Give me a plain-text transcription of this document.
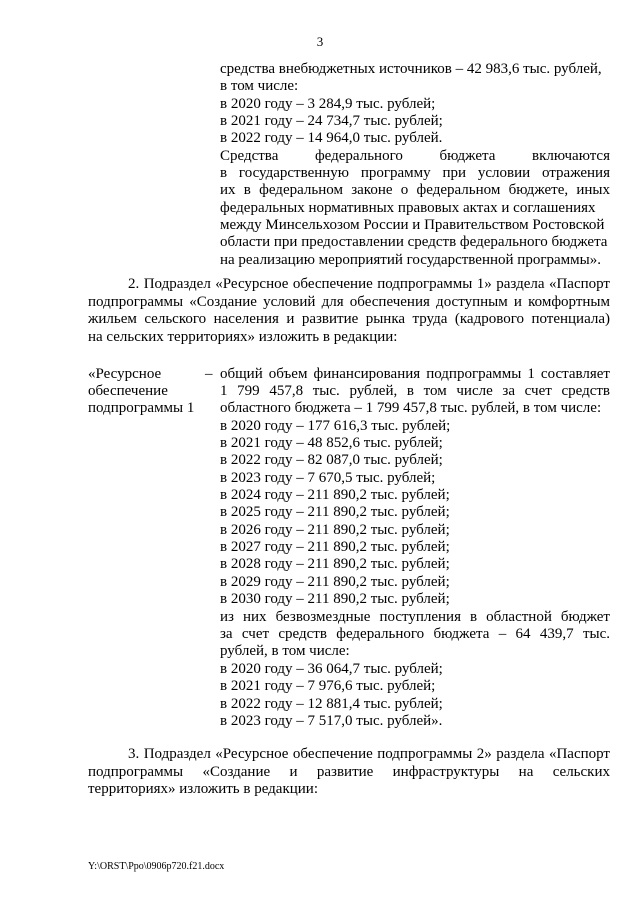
3
средства внебюджетных источников – 42 983,6 тыс. рублей,
в том числе:
в 2020 году – 3 284,9 тыс. рублей;
в 2021 году – 24 734,7 тыс. рублей;
в 2022 году – 14 964,0 тыс. рублей.
Средства федерального бюджета включаются
в государственную программу при условии отражения
их в федеральном законе о федеральном бюджете, иных
федеральных нормативных правовых актах и соглашениях
между Минсельхозом России и Правительством Ростовской
области при предоставлении средств федерального бюджета
на реализацию мероприятий государственной программы».
2. Подраздел «Ресурсное обеспечение подпрограммы 1» раздела «Паспорт
подпрограммы «Создание условий для обеспечения доступным и комфортным
жильем сельского населения и развитие рынка труда (кадрового потенциала)
на сельских территориях» изложить в редакции:
«Ресурсное
обеспечение
подпрограммы 1
– общий объем финансирования подпрограммы 1 составляет
1 799 457,8 тыс. рублей, в том числе за счет средств
областного бюджета – 1 799 457,8 тыс. рублей, в том числе:
в 2020 году – 177 616,3 тыс. рублей;
в 2021 году – 48 852,6 тыс. рублей;
в 2022 году – 82 087,0 тыс. рублей;
в 2023 году – 7 670,5 тыс. рублей;
в 2024 году – 211 890,2 тыс. рублей;
в 2025 году – 211 890,2 тыс. рублей;
в 2026 году – 211 890,2 тыс. рублей;
в 2027 году – 211 890,2 тыс. рублей;
в 2028 году – 211 890,2 тыс. рублей;
в 2029 году – 211 890,2 тыс. рублей;
в 2030 году – 211 890,2 тыс. рублей;
из них безвозмездные поступления в областной бюджет
за счет средств федерального бюджета – 64 439,7 тыс.
рублей, в том числе:
в 2020 году – 36 064,7 тыс. рублей;
в 2021 году – 7 976,6 тыс. рублей;
в 2022 году – 12 881,4 тыс. рублей;
в 2023 году – 7 517,0 тыс. рублей».
3. Подраздел «Ресурсное обеспечение подпрограммы 2» раздела «Паспорт
подпрограммы «Создание и развитие инфраструктуры на сельских
территориях» изложить в редакции:
Y:\ORST\Ppo\0906p720.f21.docx
